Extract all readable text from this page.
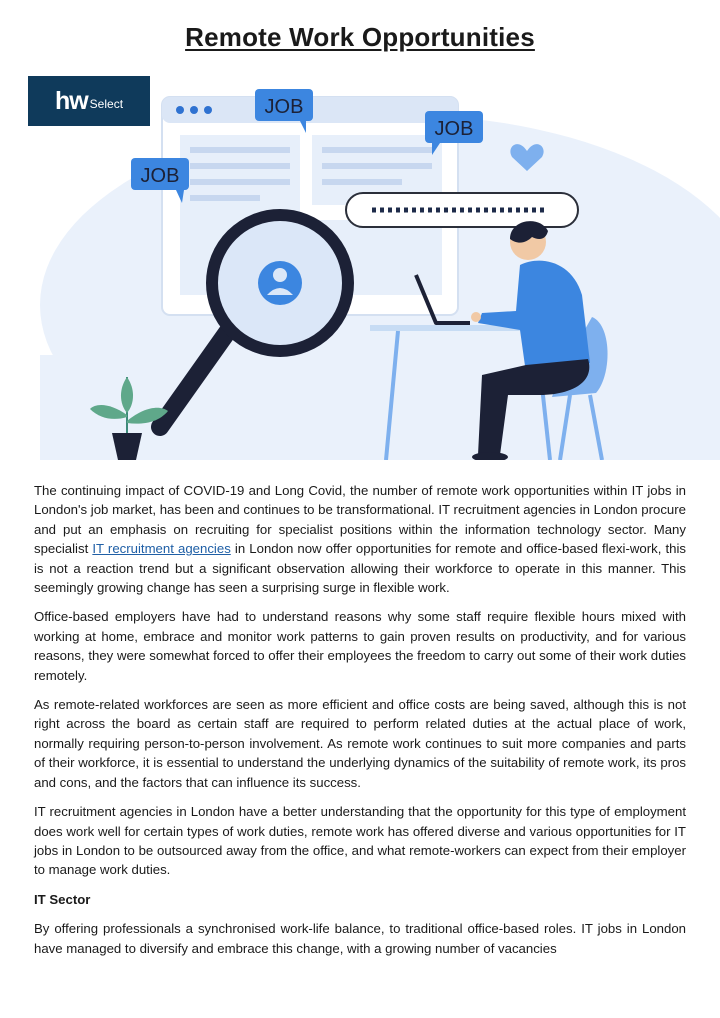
Remote Work Opportunities
JOB
JOB
JOB
hw Select

The continuing impact of COVID-19 and Long Covid, the number of remote work opportunities within IT jobs in London's job market, has been and continues to be transformational. IT recruitment agencies in London procure and put an emphasis on recruiting for specialist positions within the information technology sector. Many specialist IT recruitment agencies in London now offer opportunities for remote and office-based flexi-work, this is not a reaction trend but a significant observation allowing their workforce to operate in this manner. This seemingly growing change has seen a surprising surge in flexible work.

Office-based employers have had to understand reasons why some staff require flexible hours mixed with working at home, embrace and monitor work patterns to gain proven results on productivity, and for various reasons, they were somewhat forced to offer their employees the freedom to carry out some of their work duties remotely.

As remote-related workforces are seen as more efficient and office costs are being saved, although this is not right across the board as certain staff are required to perform related duties at the actual place of work, normally requiring person-to-person involvement. As remote work continues to suit more companies and parts of their workforce, it is essential to understand the underlying dynamics of the suitability of remote work, its pros and cons, and the factors that can influence its success.

IT recruitment agencies in London have a better understanding that the opportunity for this type of employment does work well for certain types of work duties, remote work has offered diverse and various opportunities for IT jobs in London to be outsourced away from the office, and what remote-workers can expect from their employer to manage work duties.

IT Sector

By offering professionals a synchronised work-life balance, to traditional office-based roles. IT jobs in London have managed to diversify and embrace this change, with a growing number of vacancies
